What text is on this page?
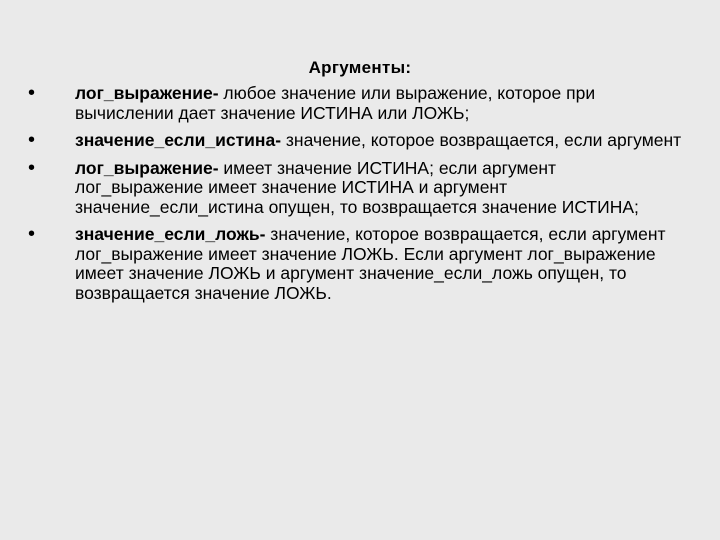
Аргументы:
•	лог_выражение- любое значение или выражение, которое при вычислении дает значение ИСТИНА или ЛОЖЬ;
•	значение_если_истина- значение, которое возвращается, если аргумент
•	лог_выражение- имеет значение ИСТИНА; если аргумент лог_выражение имеет значение ИСТИНА и аргумент значение_если_истина опущен, то возвращается значение ИСТИНА;
•	значение_если_ложь- значение, которое возвращается, если аргумент лог_выражение имеет значение ЛОЖЬ. Если аргумент лог_выражение имеет значение ЛОЖЬ и аргумент значение_если_ложь опущен, то возвращается значение ЛОЖЬ.
